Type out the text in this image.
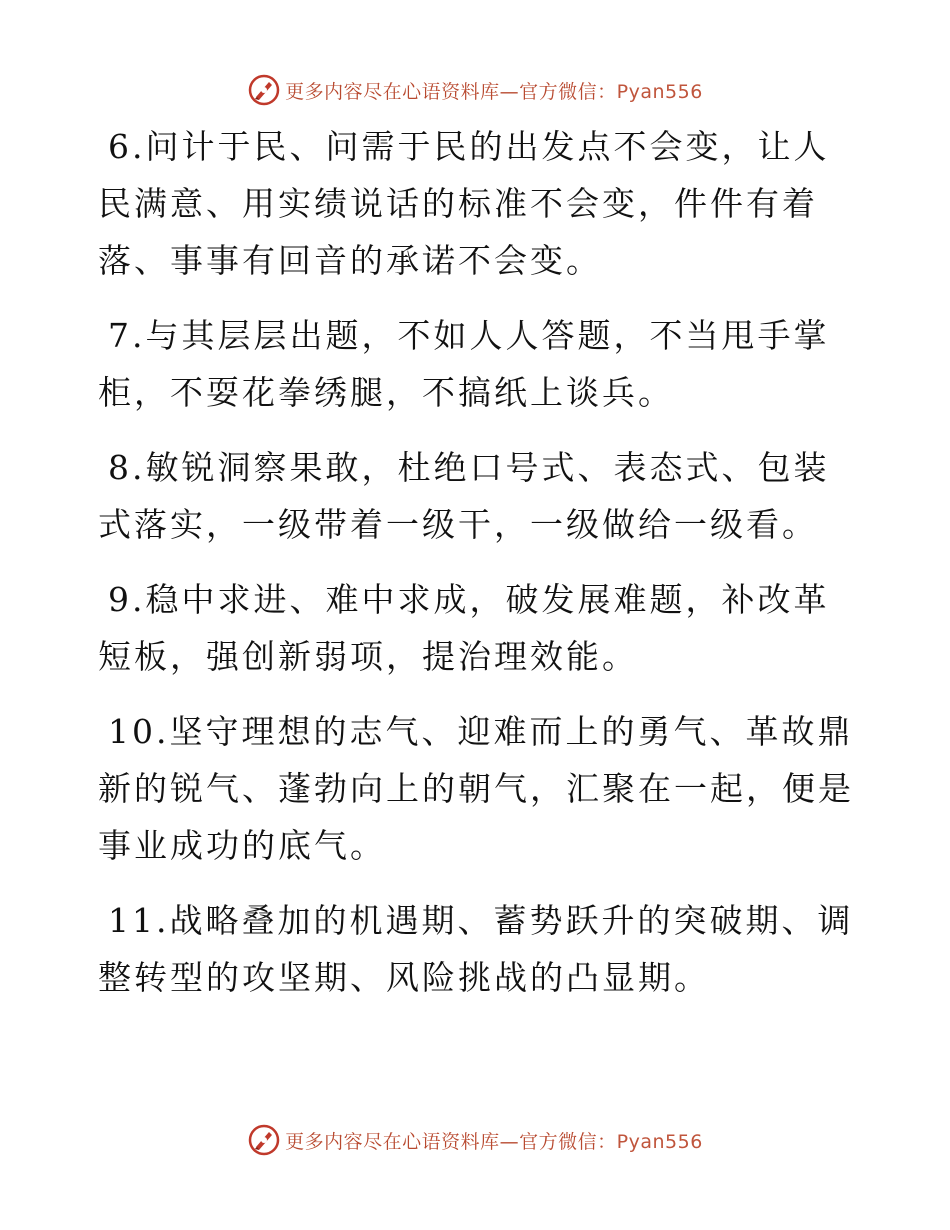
更多内容尽在心语资料库—官方微信：Pyan556

6.问计于民、问需于民的出发点不会变，让人民满意、用实绩说话的标准不会变，件件有着落、事事有回音的承诺不会变。

7.与其层层出题，不如人人答题，不当甩手掌柜，不耍花拳绣腿，不搞纸上谈兵。

8.敏锐洞察果敢，杜绝口号式、表态式、包装式落实，一级带着一级干，一级做给一级看。

9.稳中求进、难中求成，破发展难题，补改革短板，强创新弱项，提治理效能。

10.坚守理想的志气、迎难而上的勇气、革故鼎新的锐气、蓬勃向上的朝气，汇聚在一起，便是事业成功的底气。

11.战略叠加的机遇期、蓄势跃升的突破期、调整转型的攻坚期、风险挑战的凸显期。

更多内容尽在心语资料库—官方微信：Pyan556
